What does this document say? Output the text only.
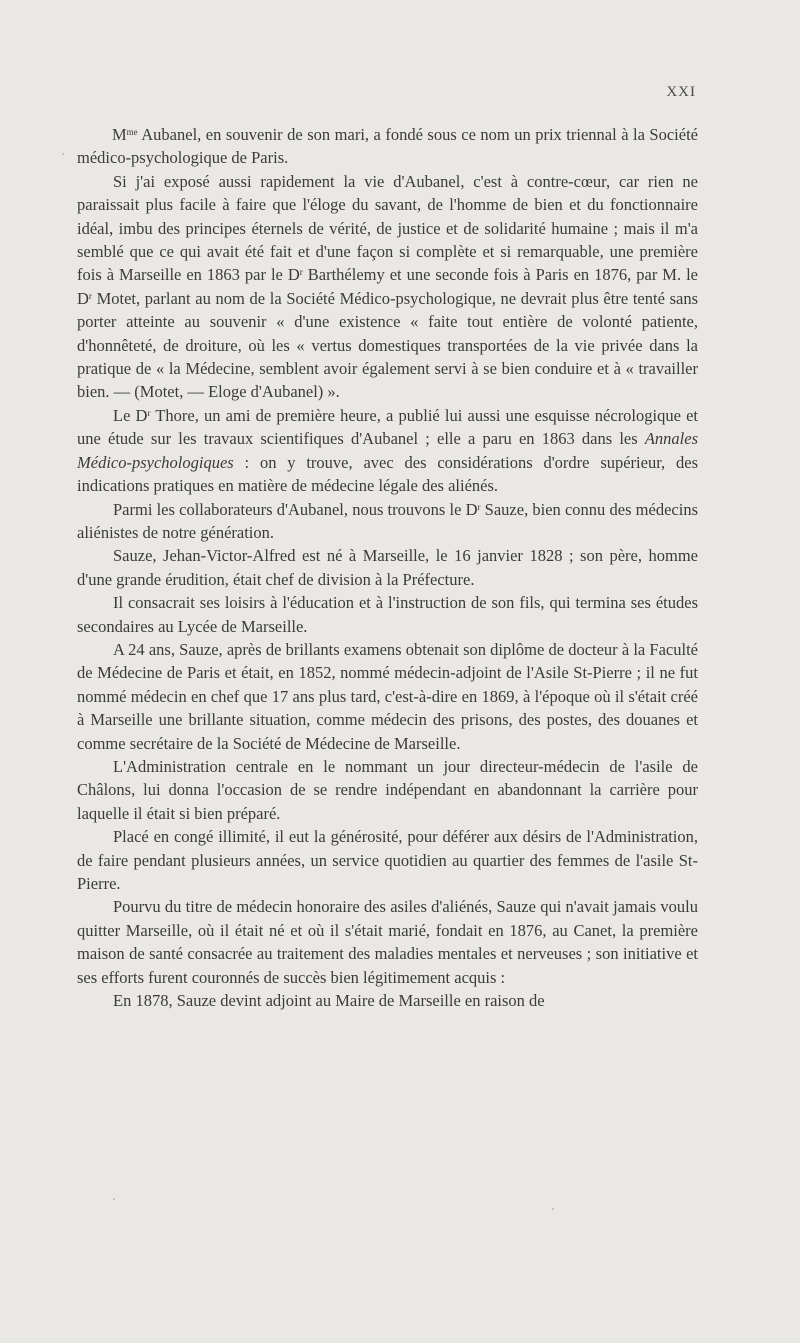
XXI

$M^{me}$ Aubanel, en souvenir de son mari, a fondé sous ce nom un prix triennal à la Société médico-psychologique de Paris.

Si j'ai exposé aussi rapidement la vie d'Aubanel, c'est à contre-cœur, car rien ne paraissait plus facile à faire que l'éloge du savant, de l'homme de bien et du fonctionnaire idéal, imbu des principes éternels de vérité, de justice et de solidarité humaine ; mais il m'a semblé que ce qui avait été fait et d'une façon si complète et si remarquable, une première fois à Marseille en 1863 par le $D^r$ Barthélemy et une seconde fois à Paris en 1876, par M. le $D^r$ Motet, parlant au nom de la Société Médico-psychologique, ne devrait plus être tenté sans porter atteinte au souvenir « d'une existence « faite tout entière de volonté patiente, d'honnêteté, de droiture, où les « vertus domestiques transportées de la vie privée dans la pratique de « la Médecine, semblent avoir également servi à se bien conduire et à « travailler bien. — (Motet, — Eloge d'Aubanel) ».

Le $D^r$ Thore, un ami de première heure, a publié lui aussi une esquisse nécrologique et une étude sur les travaux scientifiques d'Aubanel ; elle a paru en 1863 dans les Annales Médico-psychologiques : on y trouve, avec des considérations d'ordre supérieur, des indications pratiques en matière de médecine légale des aliénés.

Parmi les collaborateurs d'Aubanel, nous trouvons le $D^r$ Sauze, bien connu des médecins aliénistes de notre génération.

Sauze, Jehan-Victor-Alfred est né à Marseille, le 16 janvier 1828 ; son père, homme d'une grande érudition, était chef de division à la Préfecture.

Il consacrait ses loisirs à l'éducation et à l'instruction de son fils, qui termina ses études secondaires au Lycée de Marseille.

A 24 ans, Sauze, après de brillants examens obtenait son diplôme de docteur à la Faculté de Médecine de Paris et était, en 1852, nommé médecin-adjoint de l'Asile St-Pierre ; il ne fut nommé médecin en chef que 17 ans plus tard, c'est-à-dire en 1869, à l'époque où il s'était créé à Marseille une brillante situation, comme médecin des prisons, des postes, des douanes et comme secrétaire de la Société de Médecine de Marseille.

L'Administration centrale en le nommant un jour directeur-médecin de l'asile de Châlons, lui donna l'occasion de se rendre indépendant en abandonnant la carrière pour laquelle il était si bien préparé.

Placé en congé illimité, il eut la générosité, pour déférer aux désirs de l'Administration, de faire pendant plusieurs années, un service quotidien au quartier des femmes de l'asile St-Pierre.

Pourvu du titre de médecin honoraire des asiles d'aliénés, Sauze qui n'avait jamais voulu quitter Marseille, où il était né et où il s'était marié, fondait en 1876, au Canet, la première maison de santé consacrée au traitement des maladies mentales et nerveuses ; son initiative et ses efforts furent couronnés de succès bien légitimement acquis :

En 1878, Sauze devint adjoint au Maire de Marseille en raison de
